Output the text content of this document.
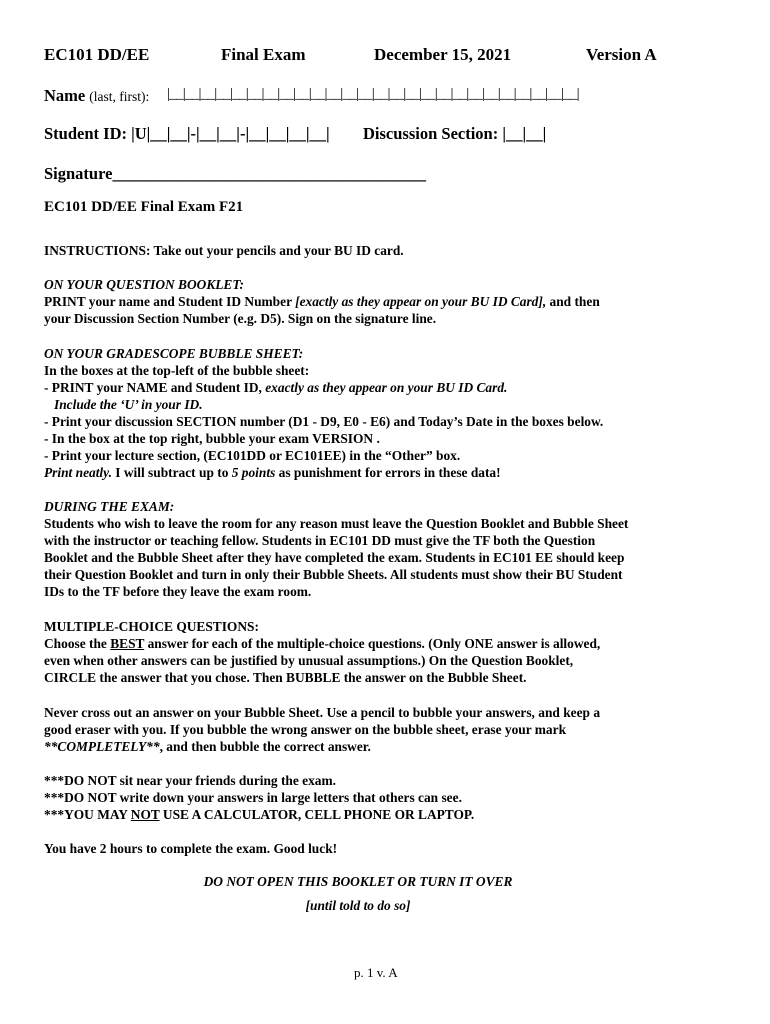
EC101 DD/EE	Final Exam	December 15, 2021	Version A
Name (last, first): |__|__|__|__|__|__|__|__|__|__|__|__|__|__|__|__|__|__|__|__|__|__|__|__|__|__|
Student ID: |U|__|__|-|__|__|-|__|__|__|__| Discussion Section: |__|__|
Signature______________________________________
EC101 DD/EE Final Exam F21

INSTRUCTIONS: Take out your pencils and your BU ID card.

ON YOUR QUESTION BOOKLET:

PRINT your name and Student ID Number [exactly as they appear on your BU ID Card], and then

your Discussion Section Number (e.g. D5). Sign on the signature line.

ON YOUR GRADESCOPE BUBBLE SHEET:

In the boxes at the top-left of the bubble sheet:

- PRINT your NAME and Student ID, exactly as they appear on your BU ID Card.

Include the ‘U’ in your ID.

- Print your discussion SECTION number (D1 - D9, E0 - E6) and Today’s Date in the boxes below.

- In the box at the top right, bubble your exam VERSION .

- Print your lecture section, (EC101DD or EC101EE) in the “Other” box.

Print neatly. I will subtract up to 5 points as punishment for errors in these data!

DURING THE EXAM:

Students who wish to leave the room for any reason must leave the Question Booklet and Bubble Sheet

with the instructor or teaching fellow. Students in EC101 DD must give the TF both the Question

Booklet and the Bubble Sheet after they have completed the exam. Students in EC101 EE should keep

their Question Booklet and turn in only their Bubble Sheets. All students must show their BU Student

IDs to the TF before they leave the exam room.

MULTIPLE-CHOICE QUESTIONS:

Choose the BEST answer for each of the multiple-choice questions. (Only ONE answer is allowed,

even when other answers can be justified by unusual assumptions.) On the Question Booklet,

CIRCLE the answer that you chose. Then BUBBLE the answer on the Bubble Sheet.

Never cross out an answer on your Bubble Sheet. Use a pencil to bubble your answers, and keep a

good eraser with you. If you bubble the wrong answer on the bubble sheet, erase your mark

**COMPLETELY**, and then bubble the correct answer.

***DO NOT sit near your friends during the exam.

***DO NOT write down your answers in large letters that others can see.

***YOU MAY NOT USE A CALCULATOR, CELL PHONE OR LAPTOP.

You have 2 hours to complete the exam. Good luck!

DO NOT OPEN THIS BOOKLET OR TURN IT OVER
[until told to do so]
p. 1 v. A
